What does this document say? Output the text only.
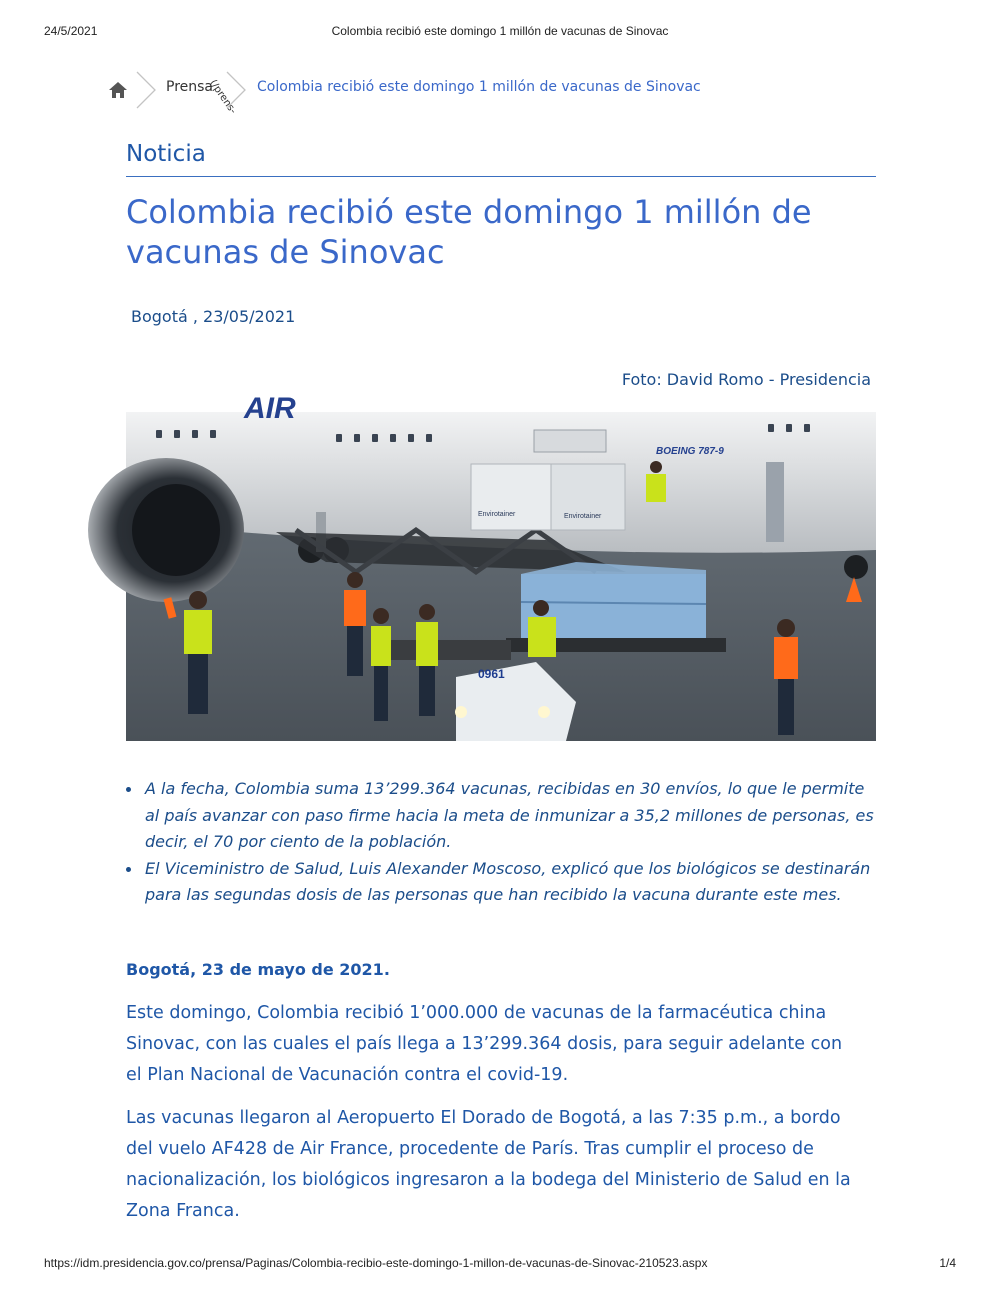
24/5/2021	Colombia recibió este domingo 1 millón de vacunas de Sinovac
Prensa
(/prens- Colombia recibió este domingo 1 millón de vacunas de Sinovac
Noticia
Colombia recibió este domingo 1 millón de vacunas de Sinovac
Bogotá , 23/05/2021
Foto: David Romo - Presidencia
AIR
BOEING 787-9
Envirotainer	Envirotainer
0961
A la fecha, Colombia suma 13’299.364 vacunas, recibidas en 30 envíos, lo que le permite al país avanzar con paso firme hacia la meta de inmunizar a 35,2 millones de personas, es decir, el 70 por ciento de la población.
El Viceministro de Salud, Luis Alexander Moscoso, explicó que los biológicos se destinarán para las segundas dosis de las personas que han recibido la vacuna durante este mes.
Bogotá, 23 de mayo de 2021.

Este domingo, Colombia recibió 1’000.000 de vacunas de la farmacéutica china Sinovac, con las cuales el país llega a 13’299.364 dosis, para seguir adelante con el Plan Nacional de Vacunación contra el covid-19.

Las vacunas llegaron al Aeropuerto El Dorado de Bogotá, a las 7:35 p.m., a bordo del vuelo AF428 de Air France, procedente de París. Tras cumplir el proceso de nacionalización, los biológicos ingresaron a la bodega del Ministerio de Salud en la Zona Franca.

https://idm.presidencia.gov.co/prensa/Paginas/Colombia-recibio-este-domingo-1-millon-de-vacunas-de-Sinovac-210523.aspx	1/4
